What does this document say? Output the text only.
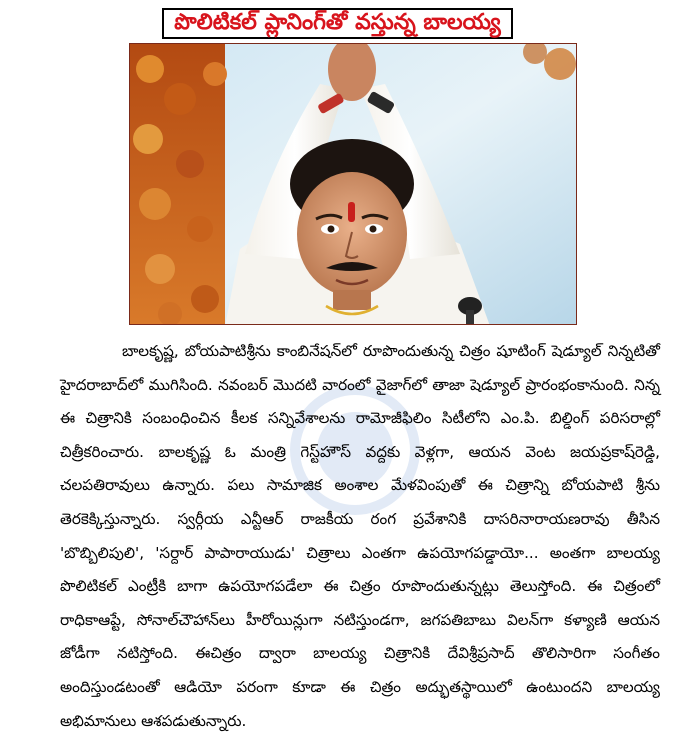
పొలిటికల్ ప్లానింగ్‌తో వస్తున్న బాలయ్య

బాలకృష్ణ, బోయపాటిశ్రీను కాంబినేషన్‌లో రూపొందుతున్న చిత్రం షూటింగ్ షెడ్యూల్ నిన్నటితో హైదరాబాద్‌లో ముగిసింది. నవంబర్ మొదటి వారంలో వైజాగ్‌లో తాజా షెడ్యూల్ ప్రారంభంకానుంది. నిన్న ఈ చిత్రానికి సంబంధించిన కీలక సన్నివేశాలను రామోజీఫిలిం సిటీలోని ఎం.పి. బిల్డింగ్ పరిసరాల్లో చిత్రీకరించారు. బాలకృష్ణ ఓ మంత్రి గెస్ట్‌హౌస్ వద్దకు వెళ్లగా, ఆయన వెంట జయప్రకాష్‌రెడ్డి, చలపతిరావులు ఉన్నారు. పలు సామాజిక అంశాల మేళవింపుతో ఈ చిత్రాన్ని బోయపాటి శ్రీను తెరకెక్కిస్తున్నారు. స్వర్గీయ ఎన్టీఆర్ రాజకీయ రంగ ప్రవేశానికి దాసరినారాయణరావు తీసిన 'బొబ్బిలిపులి', 'సర్దార్ పాపారాయుడు' చిత్రాలు ఎంతగా ఉపయోగపడ్డాయో... అంతగా బాలయ్య పొలిటికల్ ఎంట్రీకి బాగా ఉపయోగపడేలా ఈ చిత్రం రూపొందుతున్నట్లు తెలుస్తోంది. ఈ చిత్రంలో రాధికాఆప్టే, సోనాల్‌చౌహాన్‌లు హీరోయిన్లుగా నటిస్తుండగా, జగపతిబాబు విలన్‌గా కళ్యాణి ఆయన జోడీగా నటిస్తోంది. ఈచిత్రం ద్వారా బాలయ్య చిత్రానికి దేవిశ్రీప్రసాద్ తొలిసారిగా సంగీతం అందిస్తుండటంతో ఆడియో పరంగా కూడా ఈ చిత్రం అద్భుతస్థాయిలో ఉంటుందని బాలయ్య అభిమానులు ఆశపడుతున్నారు.
